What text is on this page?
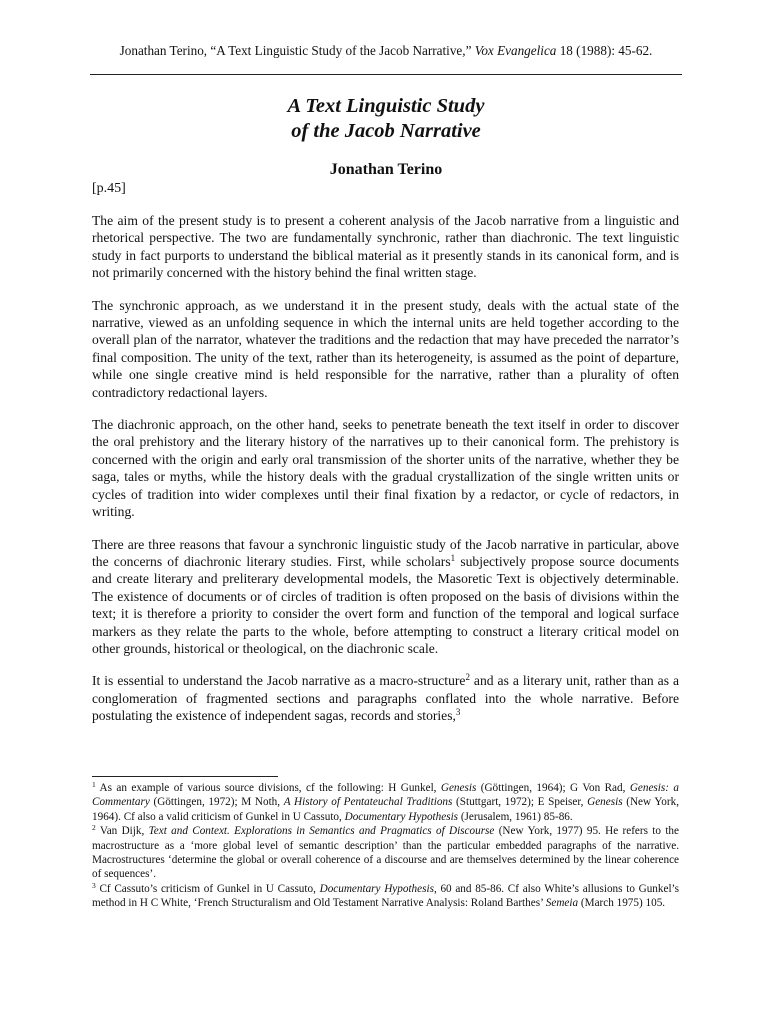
Jonathan Terino, “A Text Linguistic Study of the Jacob Narrative,” Vox Evangelica 18 (1988): 45-62.
A Text Linguistic Study
of the Jacob Narrative
Jonathan Terino
[p.45]

The aim of the present study is to present a coherent analysis of the Jacob narrative from a linguistic and rhetorical perspective. The two are fundamentally synchronic, rather than diachronic. The text linguistic study in fact purports to understand the biblical material as it presently stands in its canonical form, and is not primarily concerned with the history behind the final written stage.

The synchronic approach, as we understand it in the present study, deals with the actual state of the narrative, viewed as an unfolding sequence in which the internal units are held together according to the overall plan of the narrator, whatever the traditions and the redaction that may have preceded the narrator’s final composition. The unity of the text, rather than its heterogeneity, is assumed as the point of departure, while one single creative mind is held responsible for the narrative, rather than a plurality of often contradictory redactional layers.

The diachronic approach, on the other hand, seeks to penetrate beneath the text itself in order to discover the oral prehistory and the literary history of the narratives up to their canonical form. The prehistory is concerned with the origin and early oral transmission of the shorter units of the narrative, whether they be saga, tales or myths, while the history deals with the gradual crystallization of the single written units or cycles of tradition into wider complexes until their final fixation by a redactor, or cycle of redactors, in writing.

There are three reasons that favour a synchronic linguistic study of the Jacob narrative in particular, above the concerns of diachronic literary studies. First, while scholars$^1$ subjectively propose source documents and create literary and preliterary developmental models, the Masoretic Text is objectively determinable. The existence of documents or of circles of tradition is often proposed on the basis of divisions within the text; it is therefore a priority to consider the overt form and function of the temporal and logical surface markers as they relate the parts to the whole, before attempting to construct a literary critical model on other grounds, historical or theological, on the diachronic scale.

It is essential to understand the Jacob narrative as a macro-structure$^2$ and as a literary unit, rather than as a conglomeration of fragmented sections and paragraphs conflated into the whole narrative. Before postulating the existence of independent sagas, records and stories,$^3$

$^1$ As an example of various source divisions, cf the following: H Gunkel, Genesis (Göttingen, 1964); G Von Rad, Genesis: a Commentary (Göttingen, 1972); M Noth, A History of Pentateuchal Traditions (Stuttgart, 1972); E Speiser, Genesis (New York, 1964). Cf also a valid criticism of Gunkel in U Cassuto, Documentary Hypothesis (Jerusalem, 1961) 85-86.

$^2$ Van Dijk, Text and Context. Explorations in Semantics and Pragmatics of Discourse (New York, 1977) 95. He refers to the macrostructure as a ‘more global level of semantic description’ than the particular embedded paragraphs of the narrative. Macrostructures ‘determine the global or overall coherence of a discourse and are themselves determined by the linear coherence of sequences’.

$^3$ Cf Cassuto’s criticism of Gunkel in U Cassuto, Documentary Hypothesis, 60 and 85-86. Cf also White’s allusions to Gunkel’s method in H C White, ‘French Structuralism and Old Testament Narrative Analysis: Roland Barthes’ Semeia (March 1975) 105.
